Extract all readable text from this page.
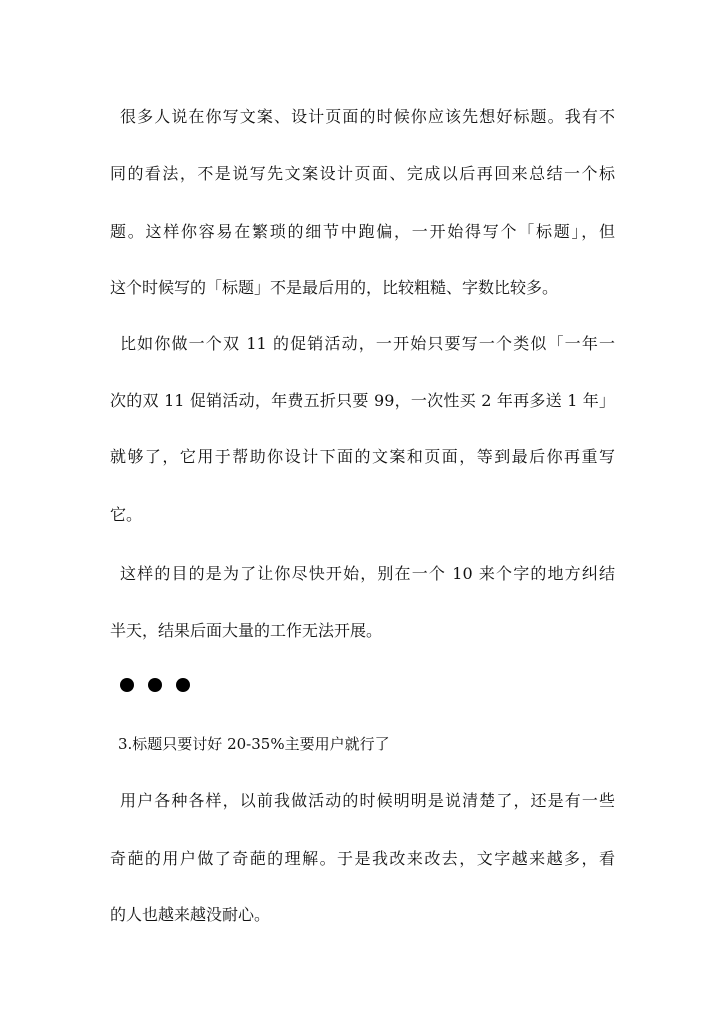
很多人说在你写文案、设计页面的时候你应该先想好标题。我有不
同的看法，不是说写先文案设计页面、完成以后再回来总结一个标
题。这样你容易在繁琐的细节中跑偏，一开始得写个「标题」，但
这个时候写的「标题」不是最后用的，比较粗糙、字数比较多。
比如你做一个双 11 的促销活动，一开始只要写一个类似「一年一
次的双 11 促销活动，年费五折只要 99，一次性买 2 年再多送 1 年」
就够了，它用于帮助你设计下面的文案和页面，等到最后你再重写
它。
这样的目的是为了让你尽快开始，别在一个 10 来个字的地方纠结
半天，结果后面大量的工作无法开展。
3.标题只要讨好 20-35%主要用户就行了
用户各种各样，以前我做活动的时候明明是说清楚了，还是有一些
奇葩的用户做了奇葩的理解。于是我改来改去，文字越来越多，看
的人也越来越没耐心。
